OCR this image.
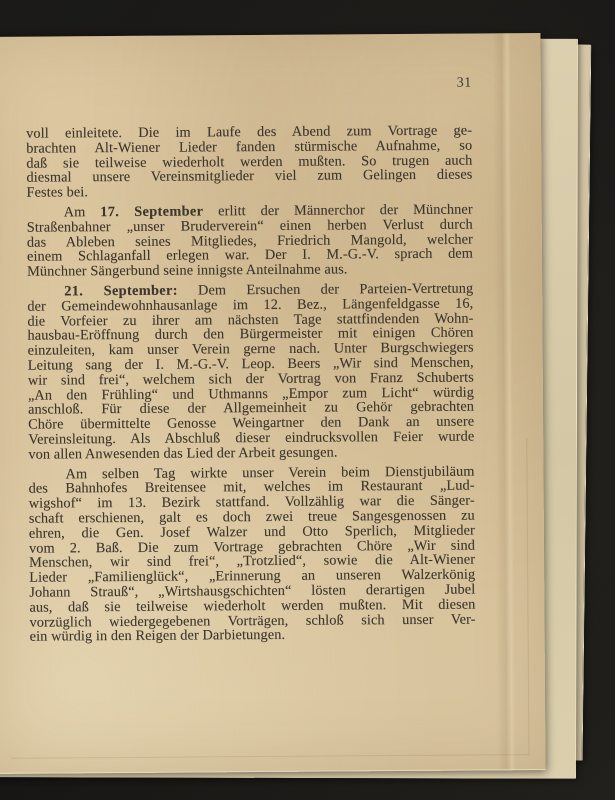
31
voll einleitete. Die im Laufe des Abend zum Vortrage ge-
brachten Alt-Wiener Lieder fanden stürmische Aufnahme, so
daß sie teilweise wiederholt werden mußten. So trugen auch
diesmal unsere Vereinsmitglieder viel zum Gelingen dieses
Festes bei.
Am 17. September erlitt der Männerchor der Münchner
Straßenbahner „unser Bruderverein“ einen herben Verlust durch
das Ableben seines Mitgliedes, Friedrich Mangold, welcher
einem Schlaganfall erlegen war. Der I. M.-G.-V. sprach dem
Münchner Sängerbund seine innigste Anteilnahme aus.
21. September: Dem Ersuchen der Parteien-Vertretung
der Gemeindewohnhausanlage im 12. Bez., Längenfeldgasse 16,
die Vorfeier zu ihrer am nächsten Tage stattfindenden Wohn-
hausbau-Eröffnung durch den Bürgermeister mit einigen Chören
einzuleiten, kam unser Verein gerne nach. Unter Burgschwiegers
Leitung sang der I. M.-G.-V. Leop. Beers „Wir sind Menschen,
wir sind frei“, welchem sich der Vortrag von Franz Schuberts
„An den Frühling“ und Uthmanns „Empor zum Licht“ würdig
anschloß. Für diese der Allgemeinheit zu Gehör gebrachten
Chöre übermittelte Genosse Weingartner den Dank an unsere
Vereinsleitung. Als Abschluß dieser eindrucksvollen Feier wurde
von allen Anwesenden das Lied der Arbeit gesungen.
Am selben Tag wirkte unser Verein beim Dienstjubiläum
des Bahnhofes Breitensee mit, welches im Restaurant „Lud-
wigshof“ im 13. Bezirk stattfand. Vollzählig war die Sänger-
schaft erschienen, galt es doch zwei treue Sangesgenossen zu
ehren, die Gen. Josef Walzer und Otto Sperlich, Mitglieder
vom 2. Baß. Die zum Vortrage gebrachten Chöre „Wir sind
Menschen, wir sind frei“, „Trotzlied“, sowie die Alt-Wiener
Lieder „Familienglück“, „Erinnerung an unseren Walzerkönig
Johann Strauß“, „Wirtshausgschichten“ lösten derartigen Jubel
aus, daß sie teilweise wiederholt werden mußten. Mit diesen
vorzüglich wiedergegebenen Vorträgen, schloß sich unser Ver-
ein würdig in den Reigen der Darbietungen.
